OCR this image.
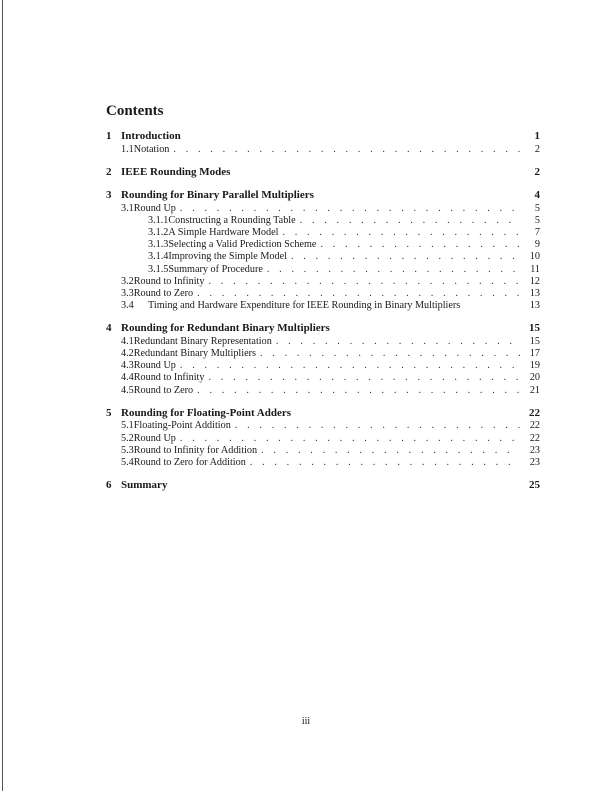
Contents
1 Introduction	1
1.1 Notation . . .	2
2 IEEE Rounding Modes	2
3 Rounding for Binary Parallel Multipliers	4
3.1 Round Up . . .	5
3.1.1 Constructing a Rounding Table . . .	5
3.1.2 A Simple Hardware Model . . .	7
3.1.3 Selecting a Valid Prediction Scheme . . .	9
3.1.4 Improving the Simple Model . . .	10
3.1.5 Summary of Procedure . . .	11
3.2 Round to Infinity . . .	12
3.3 Round to Zero . . .	13
3.4	Timing and Hardware Expenditure for IEEE Rounding in Binary Multipliers	13
4 Rounding for Redundant Binary Multipliers	15
4.1 Redundant Binary Representation . . .	15
4.2 Redundant Binary Multipliers . . .	17
4.3 Round Up . . .	19
4.4 Round to Infinity . . .	20
4.5 Round to Zero . . .	21
5 Rounding for Floating-Point Adders	22
5.1 Floating-Point Addition . . .	22
5.2 Round Up . . .	22
5.3 Round to Infinity for Addition . . .	23
5.4 Round to Zero for Addition . . .	23
6 Summary	25
iii
